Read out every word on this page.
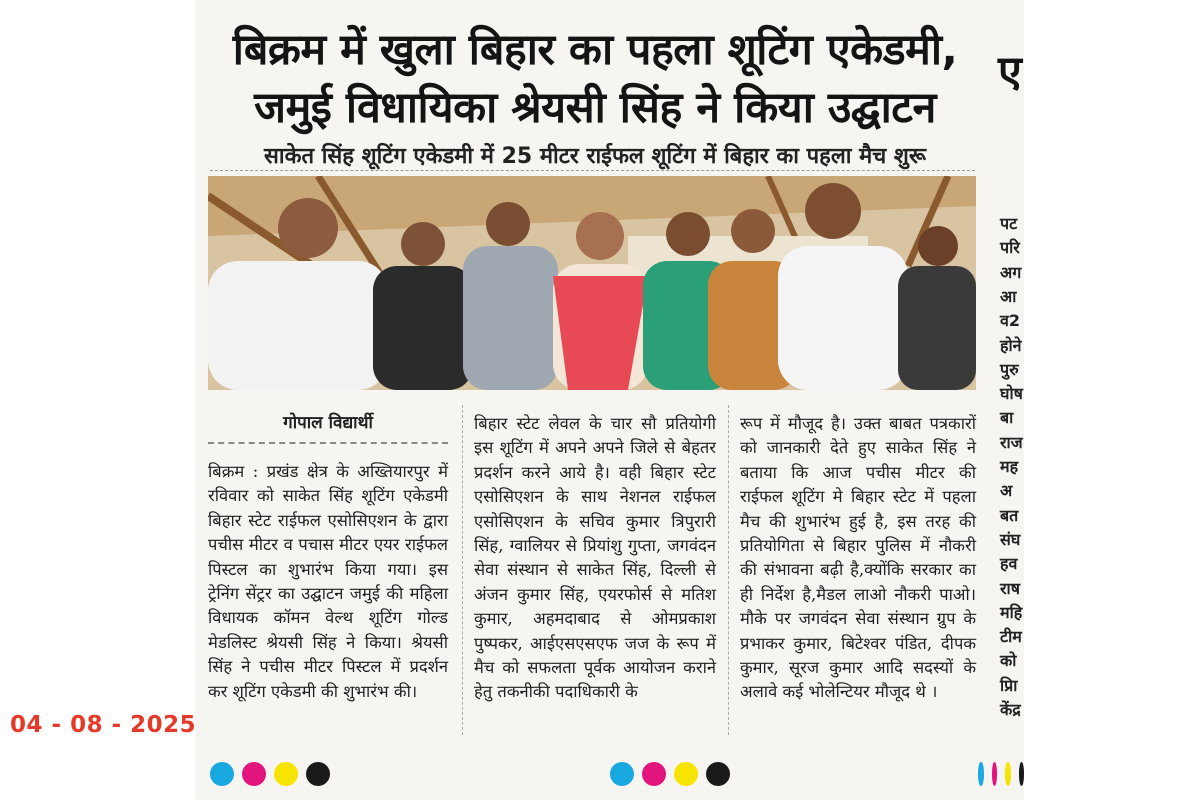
बिक्रम में खुला बिहार का पहला शूटिंग एकेडमी,
जमुई विधायिका श्रेयसी सिंह ने किया उद्घाटन
साकेत सिंह शूटिंग एकेडमी में 25 मीटर राईफल शूटिंग में बिहार का पहला मैच शुरू
गोपाल विद्यार्थी
बिक्रम : प्रखंड क्षेत्र के अख्तियारपुर में रविवार को साकेत सिंह शूटिंग एकेडमी बिहार स्टेट राईफल एसोसिएशन के द्वारा पचीस मीटर व पचास मीटर एयर राईफल पिस्टल का शुभारंभ किया गया। इस ट्रेनिंग सेंट्रर का उद्घाटन जमुई की महिला विधायक कॉमन वेल्थ शूटिंग गोल्ड मेडलिस्ट श्रेयसी सिंह ने किया। श्रेयसी सिंह ने पचीस मीटर पिस्टल में प्रदर्शन कर शूटिंग एकेडमी की शुभारंभ की।
बिहार स्टेट लेवल के चार सौ प्रतियोगी इस शूटिंग में अपने अपने जिले से बेहतर प्रदर्शन करने आये है। वही बिहार स्टेट एसोसिएशन के साथ नेशनल राईफल एसोसिएशन के सचिव कुमार त्रिपुरारी सिंह, ग्वालियर से प्रियांशु गुप्ता, जगवंदन सेवा संस्थान से साकेत सिंह, दिल्ली से अंजन कुमार सिंह, एयरफोर्स से मतिश कुमार, अहमदाबाद से ओमप्रकाश पुष्पकर, आईएसएसएफ जज के रूप में मैच को सफलता पूर्वक आयोजन कराने हेतु तकनीकी पदाधिकारी के
रूप में मौजूद है। उक्त बाबत पत्रकारों को जानकारी देते हुए साकेत सिंह ने बताया कि आज पचीस मीटर की राईफल शूटिंग मे बिहार स्टेट में पहला मैच की शुभारंभ हुई है, इस तरह की प्रतियोगिता से बिहार पुलिस में नौकरी की संभावना बढ़ी है,क्योंकि सरकार का ही निर्देश है,मैडल लाओ नौकरी पाओ।मौके पर जगवंदन सेवा संस्थान ग्रुप के प्रभाकर कुमार, बिटेश्वर पंडित, दीपक कुमार, सूरज कुमार आदि सदस्यों के अलावे कई भोलेन्टियर मौजूद थे ।
ए
पट
परि
अग
आ
व2
होने
पुरु
घोष
बा
राज
मह
अ
बत
संघ
हव
राष
महि
टीम
को
प्राि
केंद्र
04 - 08 - 2025
